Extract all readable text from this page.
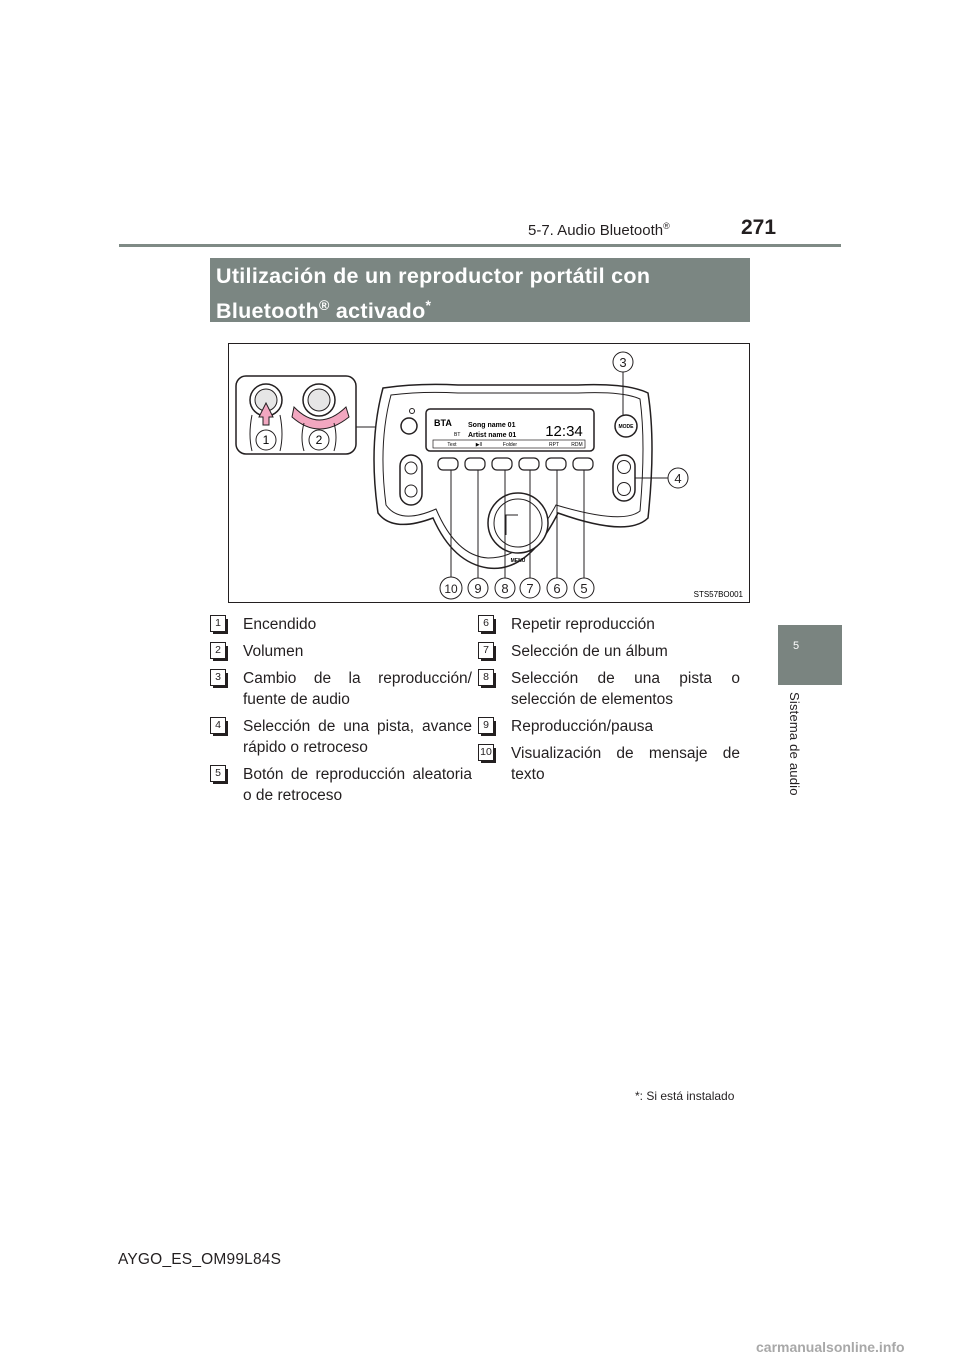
5-7. Audio Bluetooth®	271
5
Sistema de audio
Utilización de un reproductor portátil con
Bluetooth® activado*
1	2
BTA
BT
Song name 01
Artist name 01 12:34
Text	▶II	Folder	RPT RDM
MODE
MENU
3
4
5
6
7
8
9
10	STS57BO001
1	Encendido
2	Volumen
3	Cambio de la reproducción/ fuente de audio
4	Selección de una pista, avance rápido o retroceso
5	Botón de reproducción aleatoria o de retroceso
6	Repetir reproducción
7	Selección de un álbum
8	Selección de una pista o selección de elementos
9	Reproducción/pausa
10 Visualización de mensaje de texto
*: Si está instalado
AYGO_ES_OM99L84S
carmanualsonline.info
